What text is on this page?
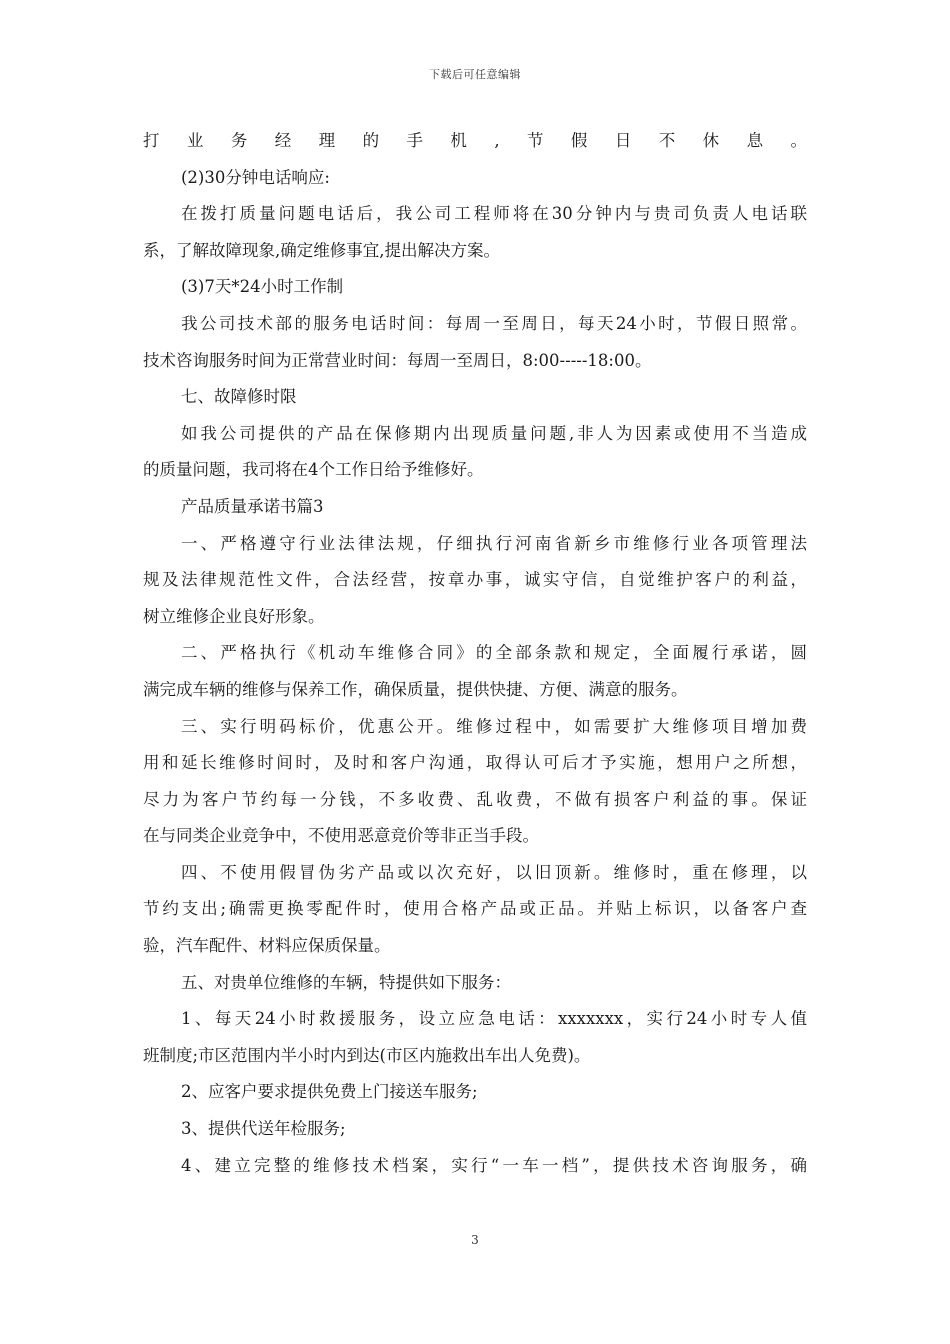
下载后可任意编辑
打业务经理的手机,节假日不休息。
(2)30分钟电话响应:
在拨打质量问题电话后，我公司工程师将在30分钟内与贵司负责人电话联
系，了解故障现象,确定维修事宜,提出解决方案。
(3)7天*24小时工作制
我公司技术部的服务电话时间：每周一至周日，每天24小时，节假日照常。
技术咨询服务时间为正常营业时间：每周一至周日，8:00-----18:00。
七、故障修时限
如我公司提供的产品在保修期内出现质量问题,非人为因素或使用不当造成
的质量问题，我司将在4个工作日给予维修好。
产品质量承诺书篇3
一、严格遵守行业法律法规，仔细执行河南省新乡市维修行业各项管理法
规及法律规范性文件，合法经营，按章办事，诚实守信，自觉维护客户的利益，
树立维修企业良好形象。
二、严格执行《机动车维修合同》的全部条款和规定，全面履行承诺，圆
满完成车辆的维修与保养工作，确保质量，提供快捷、方便、满意的服务。
三、实行明码标价，优惠公开。维修过程中，如需要扩大维修项目增加费
用和延长维修时间时，及时和客户沟通，取得认可后才予实施，想用户之所想，
尽力为客户节约每一分钱，不多收费、乱收费，不做有损客户利益的事。保证
在与同类企业竞争中，不使用恶意竞价等非正当手段。
四、不使用假冒伪劣产品或以次充好，以旧顶新。维修时，重在修理，以
节约支出;确需更换零配件时，使用合格产品或正品。并贴上标识，以备客户查
验，汽车配件、材料应保质保量。
五、对贵单位维修的车辆，特提供如下服务：
1、每天24小时救援服务，设立应急电话：xxxxxxx，实行24小时专人值
班制度;市区范围内半小时内到达(市区内施救出车出人免费)。
2、应客户要求提供免费上门接送车服务;
3、提供代送年检服务;
4、建立完整的维修技术档案，实行“一车一档”，提供技术咨询服务，确
3
